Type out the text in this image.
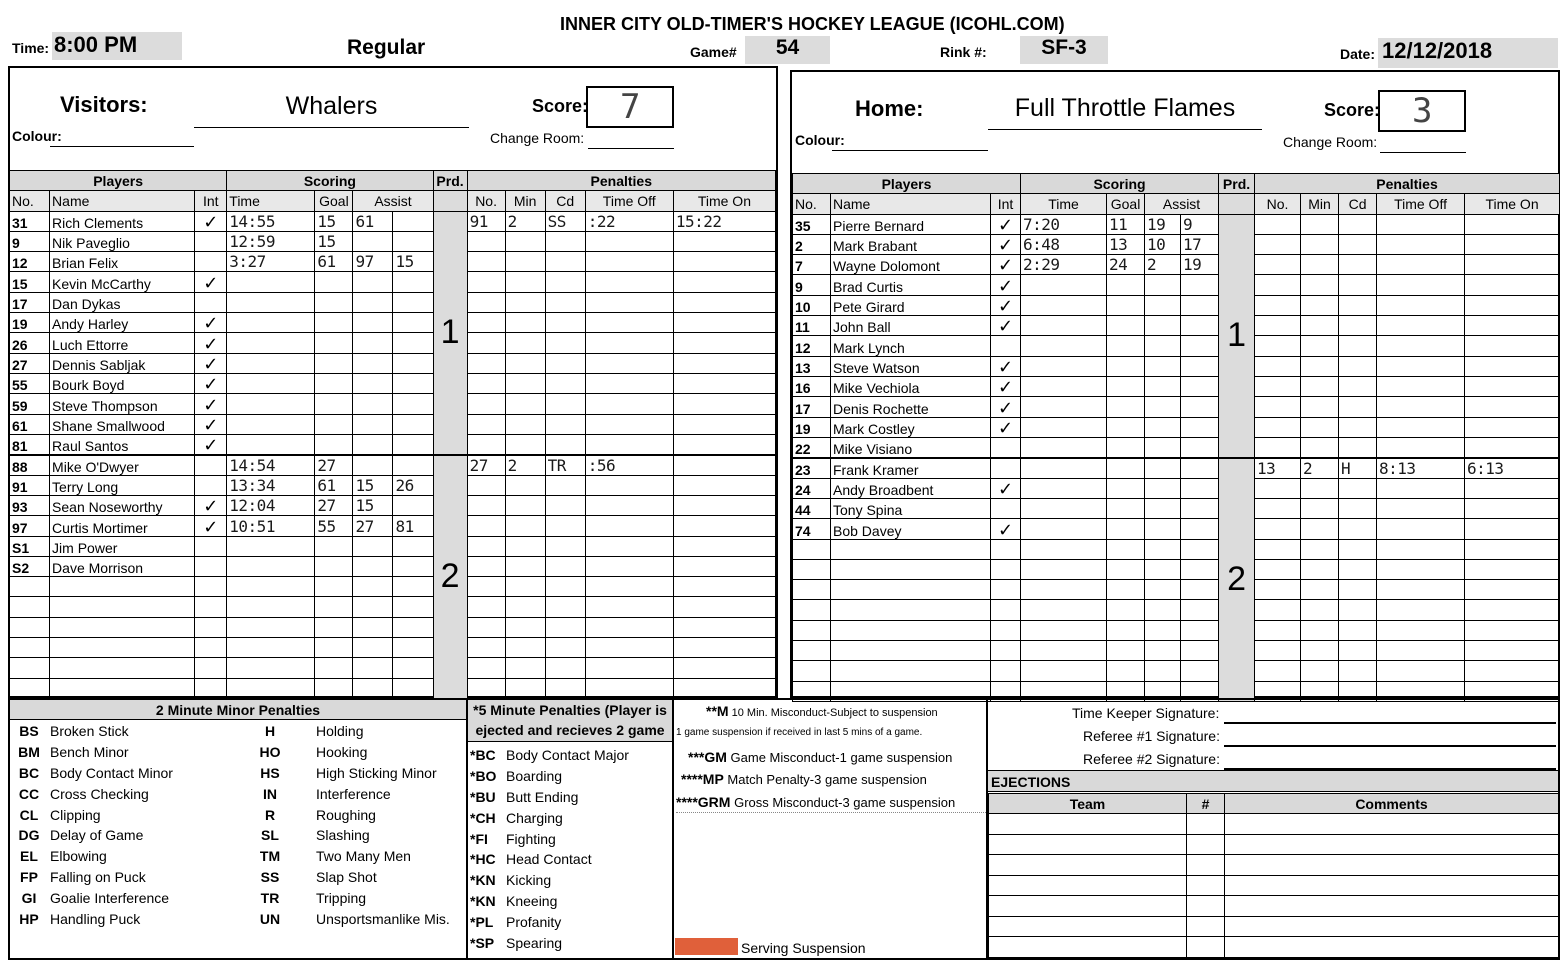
INNER CITY OLD-TIMER'S HOCKEY LEAGUE (ICOHL.COM)
Time: 8:00 PM	Regular	Game#	54	Rink #:	SF-3	Date: 12/12/2018
Visitors:	Whalers	Score: 7
Colour:	Change Room:
Home:	Full Throttle Flames	Score: 3
Colour:	Change Room:
Players			Scoring				Prd.	Penalties				
No.	Name	Int	Time	Goal	Assist			No.	Min	Cd	Time Off	Time On
31	Rich Clements	✓	14:55	15	61		1	91	2	SS	:22	15:22
9	Nik Paveglio		12:59	15								
12	Brian Felix		3:27	61	97	15						
15	Kevin McCarthy	✓										
17	Dan Dykas											
19	Andy Harley	✓										
26	Luch Ettorre	✓										
27	Dennis Sabljak	✓										
55	Bourk Boyd	✓										
59	Steve Thompson	✓										
61	Shane Smallwood	✓										
81	Raul Santos	✓										
88	Mike O'Dwyer		14:54	27			2	27	2	TR	:56	
91	Terry Long		13:34	61	15	26						
93	Sean Noseworthy	✓	12:04	27	15							
97	Curtis Mortimer	✓	10:51	55	27	81						
S1	Jim Power											
S2	Dave Morrison											

Players			Scoring				Prd.	Penalties				
No.	Name	Int	Time	Goal	Assist			No.	Min	Cd	Time Off	Time On
35	Pierre Bernard	✓	7:20	11	19	9	1					
2	Mark Brabant	✓	6:48	13	10	17						
7	Wayne Dolomont	✓	2:29	24	2	19						
9	Brad Curtis	✓										
10	Pete Girard	✓										
11	John Ball	✓										
12	Mark Lynch											
13	Steve Watson	✓										
16	Mike Vechiola	✓										
17	Denis Rochette	✓										
19	Mark Costley	✓										
22	Mike Visiano											
23	Frank Kramer						2	13	2	H	8:13	6:13
24	Andy Broadbent	✓										
44	Tony Spina											
74	Bob Davey	✓										

2 Minute Minor Penalties
BS	Broken Stick	H	Holding
BM	Bench Minor	HO	Hooking
BC	Body Contact Minor	HS	High Sticking Minor
CC	Cross Checking	IN	Interference
CL	Clipping	R	Roughing
DG	Delay of Game	SL	Slashing
EL	Elbowing	TM	Two Many Men
FP	Falling on Puck	SS	Slap Shot
GI	Goalie Interference	TR	Tripping
HP	Handling Puck	UN	Unsportsmanlike Mis.
*5 Minute Penalties (Player is
ejected and recieves 2 game
*BC	Body Contact Major
*BO	Boarding
*BU	Butt Ending
*CH	Charging
*FI	Fighting
*HC	Head Contact
*KN	Kicking
*KN	Kneeing
*PL	Profanity
*SP	Spearing
**M 10 Min. Misconduct-Subject to suspension
1 game suspension if received in last 5 mins of a game.
***GM Game Misconduct-1 game suspension
****MP Match Penalty-3 game suspension
****GRM Gross Misconduct-3 game suspension
Serving Suspension
Time Keeper Signature:
Referee #1 Signature:
Referee #2 Signature:
EJECTIONS
Team	#	Comments
